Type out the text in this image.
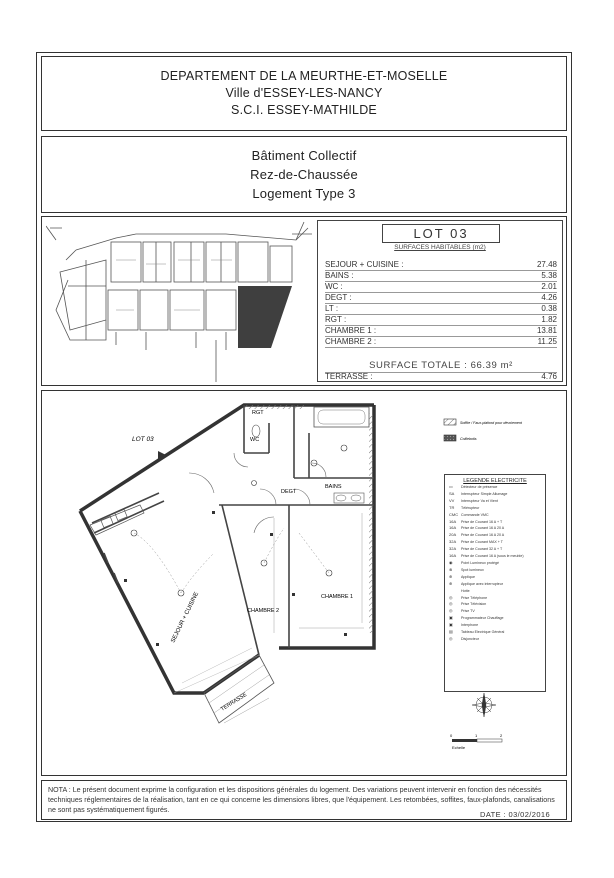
DEPARTEMENT DE LA MEURTHE-ET-MOSELLE
Ville d'ESSEY-LES-NANCY
S.C.I. ESSEY-MATHILDE
Bâtiment Collectif
Rez-de-Chaussée
Logement Type 3
LOT 03
SURFACES HABITABLES (m2)
SEJOUR + CUISINE :	27.48
BAINS :	5.38
WC :	2.01
DEGT :	4.26
LT :	0.38
RGT :	1.82
CHAMBRE 1 :	13.81
CHAMBRE 2 :	11.25
SURFACE TOTALE : 66.39 m²
TERRASSE :	4.76
LOT 03
RGT
WC
DEGT
BAINS
CHAMBRE 2
CHAMBRE 1
SEJOUR + CUISINE
TERRASSE
Soffite / Faux-plafond pour dévoiement
Coillebotis
0	1	2
Echelle
LEGENDE ELECTRICITE
▭	Détecteur de présence
SA	Interrupteur Simple Allumage
VV	Interrupteur Va et Vient
TR	Télérupteur
CMC Commande VMC
16A	Prise de Courant 16 A + T
16A	Prise de Courant 16 A 20 A
20A	Prise de Courant 16 A 20 A
32A	Prise de Courant MAX + T
32A	Prise de Courant 32 A + T
16A	Prise de Courant 16 A (sous le meuble)
◉	Point Lumineux protégé
⊗	Spot lumineux
⊕	Applique
⊕	Applique avec interrupteur
Hotte
◎	Prise Téléphone
◎	Prise Télévision
◎	Prise TV
▣	Programmateur Chauffage
▣	Interphone
▤	Tableau Electrique Général
◎	Disjoncteur
NOTA : Le présent document exprime la configuration et les dispositions générales du logement. Des variations peuvent intervenir en fonction des nécessités techniques réglementaires de la réalisation, tant en ce qui concerne les dimensions libres, que l'équipement. Les retombées, soffites, faux-plafonds, canalisations ne sont pas systématiquement figurés.	DATE : 03/02/2016
